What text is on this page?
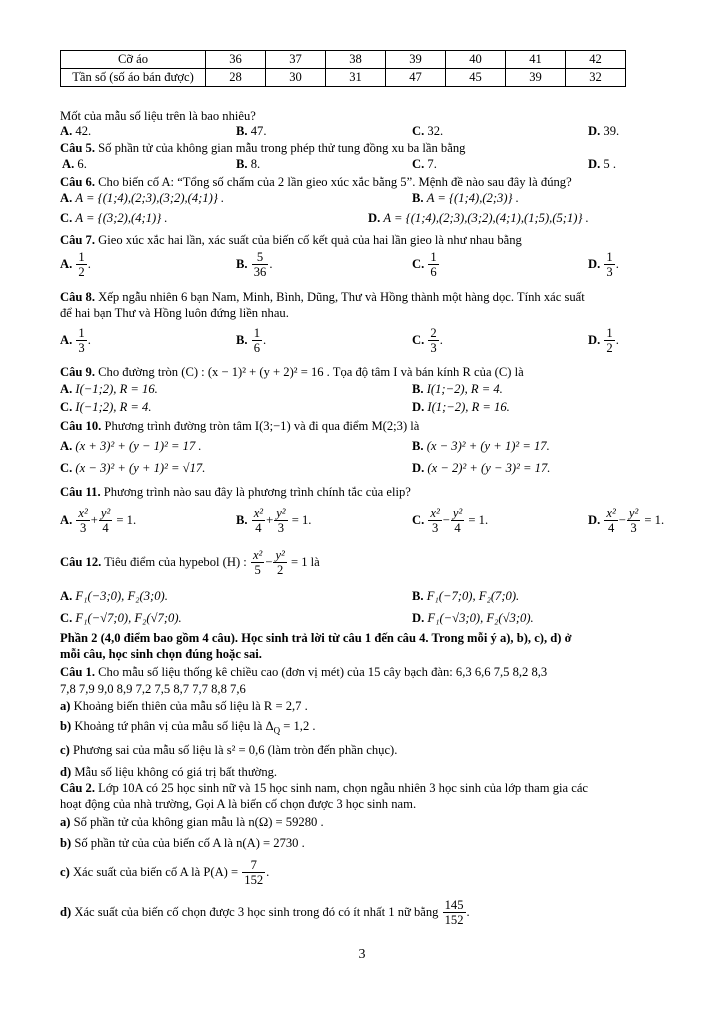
Cỡ áo	36	37	38	39	40	41	42
Tần số (số áo bán được)	28	30	31	47	45	39	32
Mốt của mẫu số liệu trên là bao nhiêu?
A. 42.	B. 47.	C. 32.	D. 39.
Câu 5. Số phần tử của không gian mẫu trong phép thử tung đồng xu ba lần bằng
A. 6.	B. 8.	C. 7.	D. 5 .
Câu 6. Cho biến cố A: “Tổng số chấm của 2 lần gieo xúc xắc bằng 5”. Mệnh đề nào sau đây là đúng?
A. A = {(1;4),(2;3),(3;2),(4;1)} .	B. A = {(1;4),(2;3)} .
C. A = {(3;2),(4;1)} .	D. A = {(1;4),(2;3),(3;2),(4;1),(1;5),(5;1)} .
Câu 7. Gieo xúc xắc hai lần, xác suất của biến cố kết quả của hai lần gieo là như nhau bằng
A. $\frac{1}{2}$ .	B. $\frac{5}{36}$ .	C. $\frac{1}{6}$	D. $\frac{1}{3}$ .
Câu 8. Xếp ngẫu nhiên 6 bạn Nam, Minh, Bình, Dũng, Thư và Hồng thành một hàng dọc. Tính xác suất
để hai bạn Thư và Hồng luôn đứng liền nhau.
A. $\frac{1}{3}$ .	B. $\frac{1}{6}$ .	C. $\frac{2}{3}$ .	D. $\frac{1}{2}$ .
Câu 9. Cho đường tròn (C) : (x − 1)² + (y + 2)² = 16 . Tọa độ tâm I và bán kính R của (C) là
A. I(−1;2), R = 16.	B. I(1;−2), R = 4.
C. I(−1;2), R = 4.	D. I(1;−2), R = 16.
Câu 10. Phương trình đường tròn tâm I(3;−1) và đi qua điểm M(2;3) là
A. (x + 3)² + (y − 1)² = 17 .	B. (x − 3)² + (y + 1)² = 17.
C. (x − 3)² + (y + 1)² = √17.	D. (x − 2)² + (y − 3)² = 17.
Câu 11. Phương trình nào sau đây là phương trình chính tắc của elip?
A. $\frac{\text{x²}}{3} + \frac{\text{y²}}{4} = 1$.	B. $\frac{\text{x²}}{4} + \frac{\text{y²}}{3} = 1$.	C. $\frac{\text{x²}}{3} - \frac{\text{y²}}{4} = 1$.	D. $\frac{\text{x²}}{4} - \frac{\text{y²}}{3} = 1$.
Câu 12. Tiêu điểm của hypebol (H) : $\frac{\text{x²}}{5} - \frac{\text{y²}}{2} = 1$ là
A. F₁(−3;0), F₂(3;0).	B. F₁(−7;0), F₂(7;0).
C. F₁(−√7;0), F₂(√7;0).	D. F₁(−√3;0), F₂(√3;0).
Phần 2 (4,0 điểm bao gồm 4 câu). Học sinh trả lời từ câu 1 đến câu 4. Trong mỗi ý a), b), c), d) ở
mỗi câu, học sinh chọn đúng hoặc sai.
Câu 1. Cho mẫu số liệu thống kê chiều cao (đơn vị mét) của 15 cây bạch đàn: 6,3 6,6 7,5 8,2 8,3
7,8 7,9 9,0 8,9 7,2 7,5 8,7 7,7 8,8 7,6
a) Khoảng biến thiên của mẫu số liệu là R = 2,7 .
b) Khoảng tứ phân vị của mẫu số liệu là $\Delta_Q = 1,2$ .
c) Phương sai của mẫu số liệu là s² = 0,6 (làm tròn đến phần chục).
d) Mẫu số liệu không có giá trị bất thường.
Câu 2. Lớp 10A có 25 học sinh nữ và 15 học sinh nam, chọn ngẫu nhiên 3 học sinh của lớp tham gia các
hoạt động của nhà trường, Gọi A là biến cố chọn được 3 học sinh nam.
a) Số phần tử của không gian mẫu là n(Ω) = 59280 .
b) Số phần tử của của biến cố A là n(A) = 2730 .
c) Xác suất của biến cố A là $P(A) = \frac{7}{152}$ .
d) Xác suất của biến cố chọn được 3 học sinh trong đó có ít nhất 1 nữ bằng $\frac{145}{152}$ .
3
